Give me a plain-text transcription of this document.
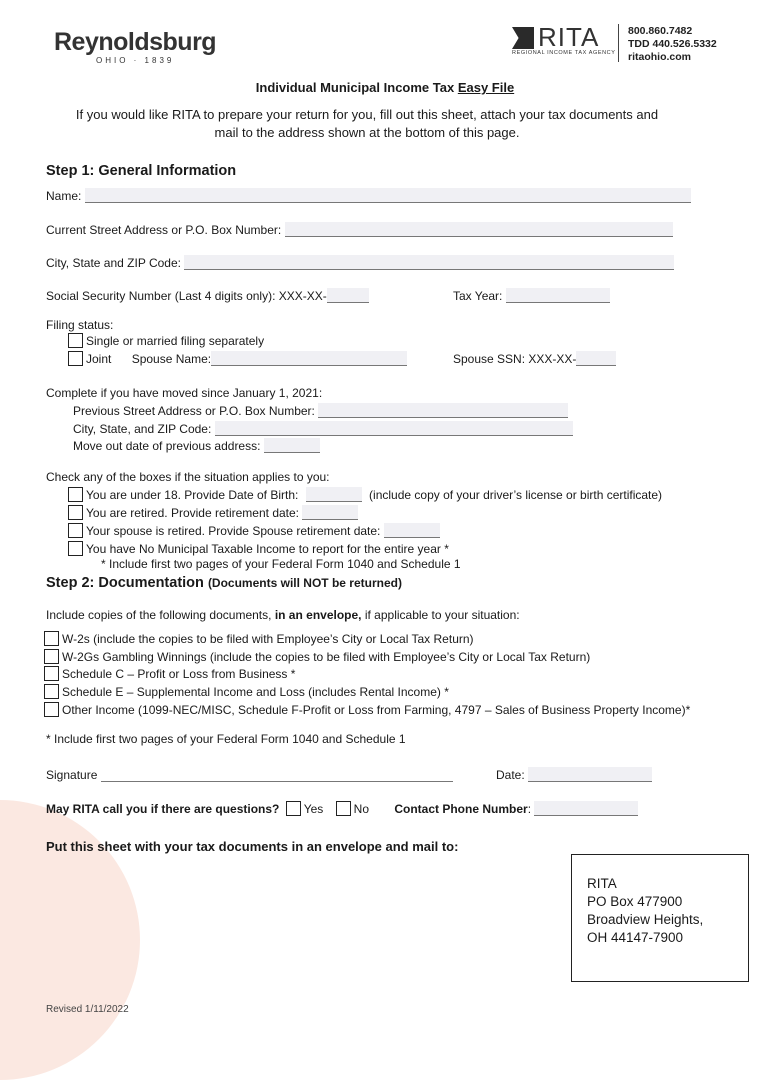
Reynoldsburg
OHIO · 1839
RITA
REGIONAL INCOME TAX AGENCY
800.860.7482
TDD 440.526.5332
ritaohio.com
Individual Municipal Income Tax Easy File
If you would like RITA to prepare your return for you, fill out this sheet, attach your tax documents and
mail to the address shown at the bottom of this page.
Step 1: General Information
Name:
Current Street Address or P.O. Box Number:
City, State and ZIP Code:
Social Security Number (Last 4 digits only): XXX-XX-	Tax Year:
Filing status:
Single or married filing separately
Joint Spouse Name:	Spouse SSN: XXX-XX-
Complete if you have moved since January 1, 2021:
Previous Street Address or P.O. Box Number:
City, State, and ZIP Code:
Move out date of previous address:
Check any of the boxes if the situation applies to you:
You are under 18. Provide Date of Birth:	(include copy of your driver’s license or birth certificate)
You are retired. Provide retirement date:
Your spouse is retired. Provide Spouse retirement date:
You have No Municipal Taxable Income to report for the entire year *
* Include first two pages of your Federal Form 1040 and Schedule 1
Step 2: Documentation (Documents will NOT be returned)
Include copies of the following documents, in an envelope, if applicable to your situation:
W-2s (include the copies to be filed with Employee’s City or Local Tax Return)
W-2Gs Gambling Winnings (include the copies to be filed with Employee’s City or Local Tax Return)
Schedule C – Profit or Loss from Business *
Schedule E – Supplemental Income and Loss (includes Rental Income) *
Other Income (1099-NEC/MISC, Schedule F-Profit or Loss from Farming, 4797 – Sales of Business Property Income)*
* Include first two pages of your Federal Form 1040 and Schedule 1
Signature	Date:
May RITA call you if there are questions? Yes	No Contact Phone Number:
Put this sheet with your tax documents in an envelope and mail to:
RITA
PO Box 477900
Broadview Heights,
OH 44147-7900
Revised 1/11/2022
